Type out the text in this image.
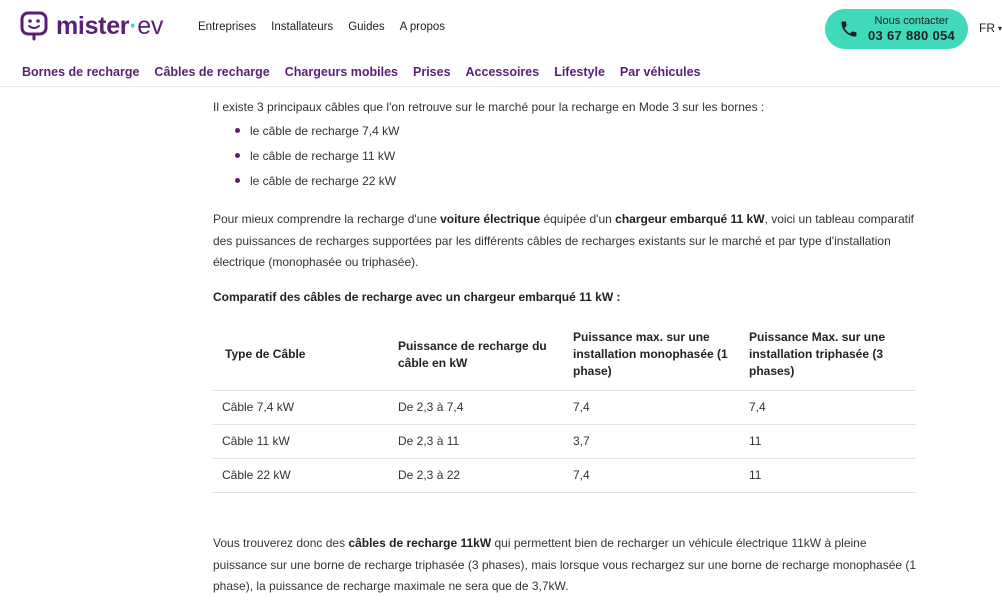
mister·ev	Entreprises Installateurs Guides A propos
Nous contacter
03 67 880 054 FR ▾
Bornes de recharge Câbles de recharge Chargeurs mobiles Prises Accessoires Lifestyle Par véhicules

Il existe 3 principaux câbles que l'on retrouve sur le marché pour la recharge en Mode 3 sur les bornes :

le câble de recharge 7,4 kW
le câble de recharge 11 kW
le câble de recharge 22 kW

Pour mieux comprendre la recharge d'une voiture électrique équipée d'un chargeur embarqué 11 kW, voici un tableau comparatif des puissances de recharges supportées par les différents câbles de recharges existants sur le marché et par type d'installation électrique (monophasée ou triphasée).

Comparatif des câbles de recharge avec un chargeur embarqué 11 kW :

Type de Câble	Puissance de recharge du câble en kW	Puissance max. sur une installation monophasée (1 phase)	Puissance Max. sur une installation triphasée (3 phases)
Câble 7,4 kW	De 2,3 à 7,4	7,4	7,4
Câble 11 kW	De 2,3 à 11	3,7	11
Câble 22 kW	De 2,3 à 22	7,4	11

Vous trouverez donc des câbles de recharge 11kW qui permettent bien de recharger un véhicule électrique 11kW à pleine puissance sur une borne de recharge triphasée (3 phases), mais lorsque vous rechargez sur une borne de recharge monophasée (1 phase), la puissance de recharge maximale ne sera que de 3,7kW.
